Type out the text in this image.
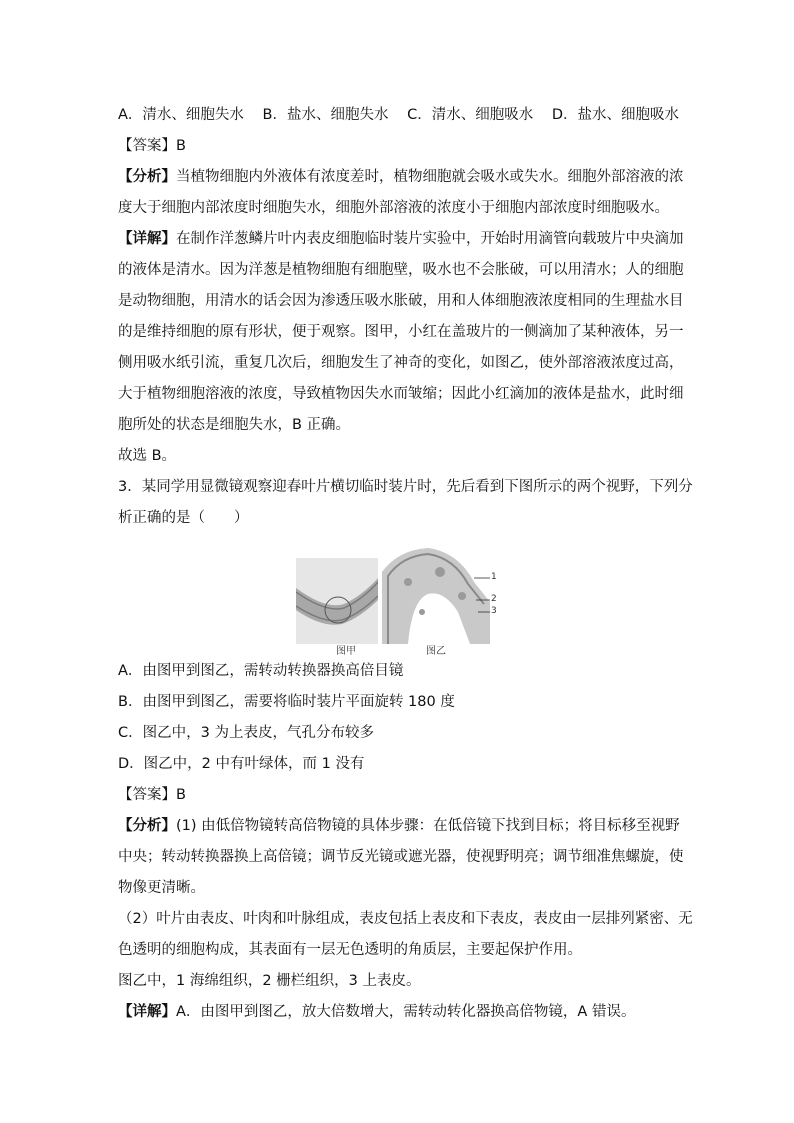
A．清水、细胞失水 B．盐水、细胞失水 C．清水、细胞吸水 D．盐水、细胞吸水
【答案】B
【分析】当植物细胞内外液体有浓度差时，植物细胞就会吸水或失水。细胞外部溶液的浓
度大于细胞内部浓度时细胞失水，细胞外部溶液的浓度小于细胞内部浓度时细胞吸水。
【详解】在制作洋葱鳞片叶内表皮细胞临时装片实验中，开始时用滴管向载玻片中央滴加
的液体是清水。因为洋葱是植物细胞有细胞壁，吸水也不会胀破，可以用清水；人的细胞
是动物细胞，用清水的话会因为渗透压吸水胀破，用和人体细胞液浓度相同的生理盐水目
的是维持细胞的原有形状，便于观察。图甲，小红在盖玻片的一侧滴加了某种液体，另一
侧用吸水纸引流，重复几次后，细胞发生了神奇的变化，如图乙，使外部溶液浓度过高，
大于植物细胞溶液的浓度，导致植物因失水而皱缩；因此小红滴加的液体是盐水，此时细
胞所处的状态是细胞失水，B 正确。
故选 B。
3．某同学用显微镜观察迎春叶片横切临时装片时，先后看到下图所示的两个视野，下列分
析正确的是（　　）
1
2
3
图甲	图乙
A．由图甲到图乙，需转动转换器换高倍目镜
B．由图甲到图乙，需要将临时装片平面旋转 180 度
C．图乙中，3 为上表皮，气孔分布较多
D．图乙中，2 中有叶绿体，而 1 没有
【答案】B
【分析】(1) 由低倍物镜转高倍物镜的具体步骤：在低倍镜下找到目标；将目标移至视野
中央；转动转换器换上高倍镜；调节反光镜或遮光器，使视野明亮；调节细准焦螺旋，使
物像更清晰。
（2）叶片由表皮、叶肉和叶脉组成，表皮包括上表皮和下表皮，表皮由一层排列紧密、无
色透明的细胞构成，其表面有一层无色透明的角质层，主要起保护作用。
图乙中，1 海绵组织，2 栅栏组织，3 上表皮。
【详解】A．由图甲到图乙，放大倍数增大，需转动转化器换高倍物镜，A 错误。
